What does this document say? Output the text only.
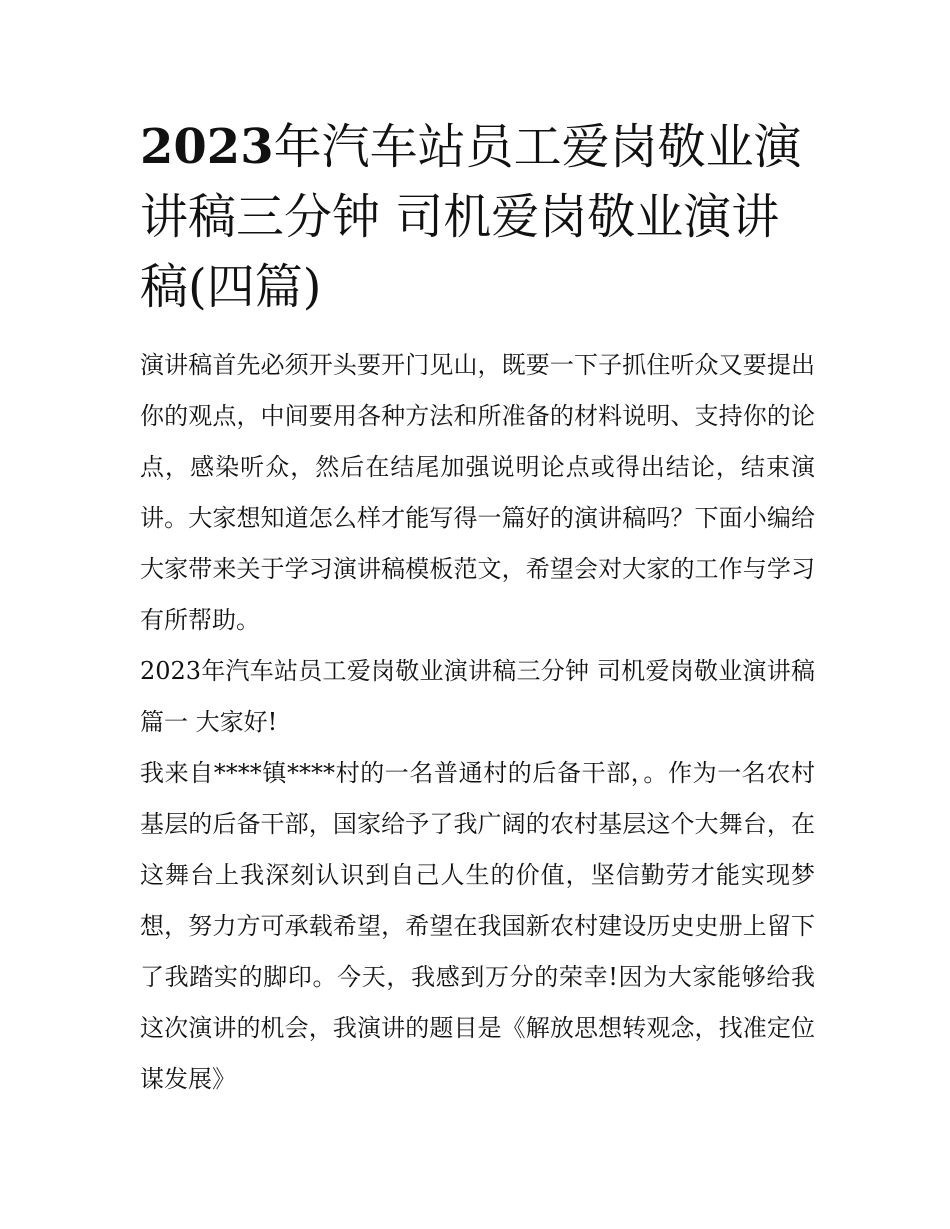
2023年汽车站员工爱岗敬业演讲稿三分钟 司机爱岗敬业演讲稿(四篇)

演讲稿首先必须开头要开门见山，既要一下子抓住听众又要提出你的观点，中间要用各种方法和所准备的材料说明、支持你的论点，感染听众，然后在结尾加强说明论点或得出结论，结束演讲。大家想知道怎么样才能写得一篇好的演讲稿吗？下面小编给大家带来关于学习演讲稿模板范文，希望会对大家的工作与学习有所帮助。

2023年汽车站员工爱岗敬业演讲稿三分钟 司机爱岗敬业演讲稿篇一 大家好!

我来自****镇****村的一名普通村的后备干部，。作为一名农村基层的后备干部，国家给予了我广阔的农村基层这个大舞台，在这舞台上我深刻认识到自己人生的价值，坚信勤劳才能实现梦想，努力方可承载希望，希望在我国新农村建设历史史册上留下了我踏实的脚印。今天，我感到万分的荣幸!因为大家能够给我这次演讲的机会，我演讲的题目是《解放思想转观念，找准定位谋发展》
